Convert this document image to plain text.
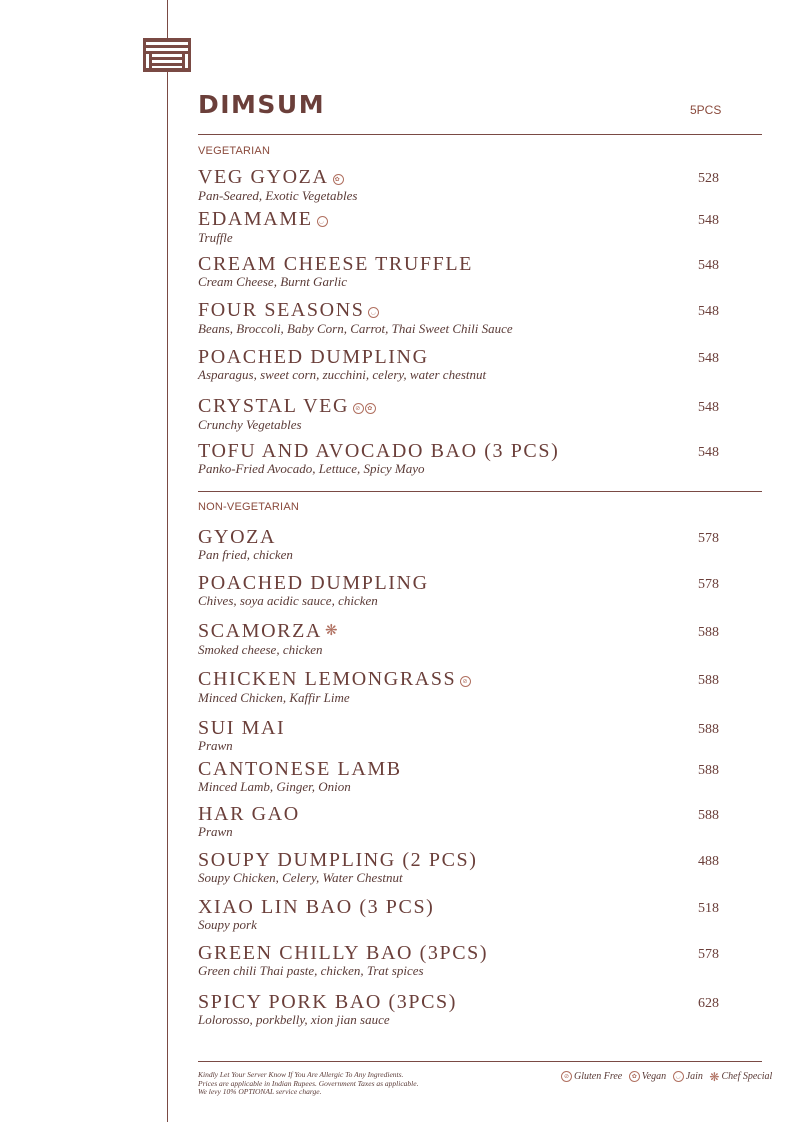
DIMSUM	5PCS
VEGETARIAN
VEG GYOZA ✿
Pan-Seared, Exotic Vegetables
528
EDAMAME ◡
Truffle
548
CREAM CHEESE TRUFFLE
Cream Cheese, Burnt Garlic
548
FOUR SEASONS ◡
Beans, Broccoli, Baby Corn, Carrot, Thai Sweet Chili Sauce
548
POACHED DUMPLING
Asparagus, sweet corn, zucchini, celery, water chestnut
548
CRYSTAL VEG ⊘ ✿
Crunchy Vegetables
548
TOFU AND AVOCADO BAO (3 PCS)
Panko-Fried Avocado, Lettuce, Spicy Mayo
548
GYOZA
Pan fried, chicken
578
POACHED DUMPLING
Chives, soya acidic sauce, chicken
578
SCAMORZA ❋
Smoked cheese, chicken
588
CHICKEN LEMONGRASS ⊘
Minced Chicken, Kaffir Lime
588
SUI MAI
Prawn
588
CANTONESE LAMB
Minced Lamb, Ginger, Onion
588
HAR GAO
Prawn
588
SOUPY DUMPLING (2 PCS)
Soupy Chicken, Celery, Water Chestnut
488
XIAO LIN BAO (3 PCS)
Soupy pork
518
GREEN CHILLY BAO (3PCS)
Green chili Thai paste, chicken, Trat spices
578
SPICY PORK BAO (3PCS)
Lolorosso, porkbelly, xion jian sauce
628
NON-VEGETARIAN
Kindly Let Your Server Know If You Are Allergic To Any Ingredients.
Prices are applicable in Indian Rupees. Government Taxes as applicable.
We levy 10% OPTIONAL service charge.
⊘ Gluten Free ✿ Vegan ◡ Jain ❋ Chef Special
